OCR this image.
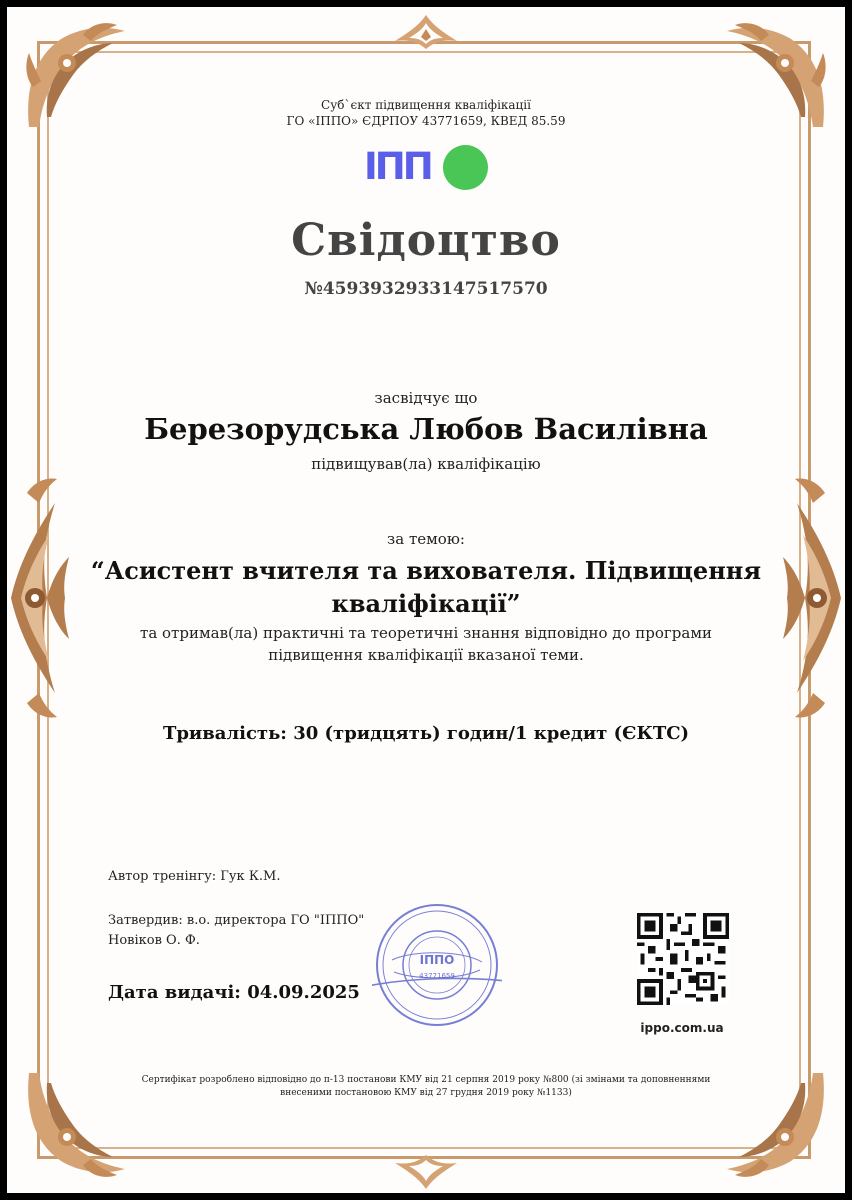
Суб`єкт підвищення кваліфікації
ГО «ІППО» ЄДРПОУ 43771659, КВЕД 85.59
ІПП
Свідоцтво
№4593932933147517570
засвідчує що
Березорудська Любов Василівна
підвищував(ла) кваліфікацію
за темою:
“Асистент вчителя та вихователя. Підвищення
кваліфікації”
та отримав(ла) практичні та теоретичні знання відповідно до програми
підвищення кваліфікації вказаної теми.
Тривалість: 30 (тридцять) годин/1 кредит (ЄКТС)
Автор тренінгу: Гук К.М.
Затвердив: в.о. директора ГО "ІППО"
Новіков О. Ф.
ІППО
43771659
Дата видачі: 04.09.2025
ippo.com.ua
Сертифікат розроблено відповідно до п-13 постанови КМУ від 21 серпня 2019 року №800 (зі змінами та доповненнями
внесеними постановою КМУ від 27 грудня 2019 року №1133)
